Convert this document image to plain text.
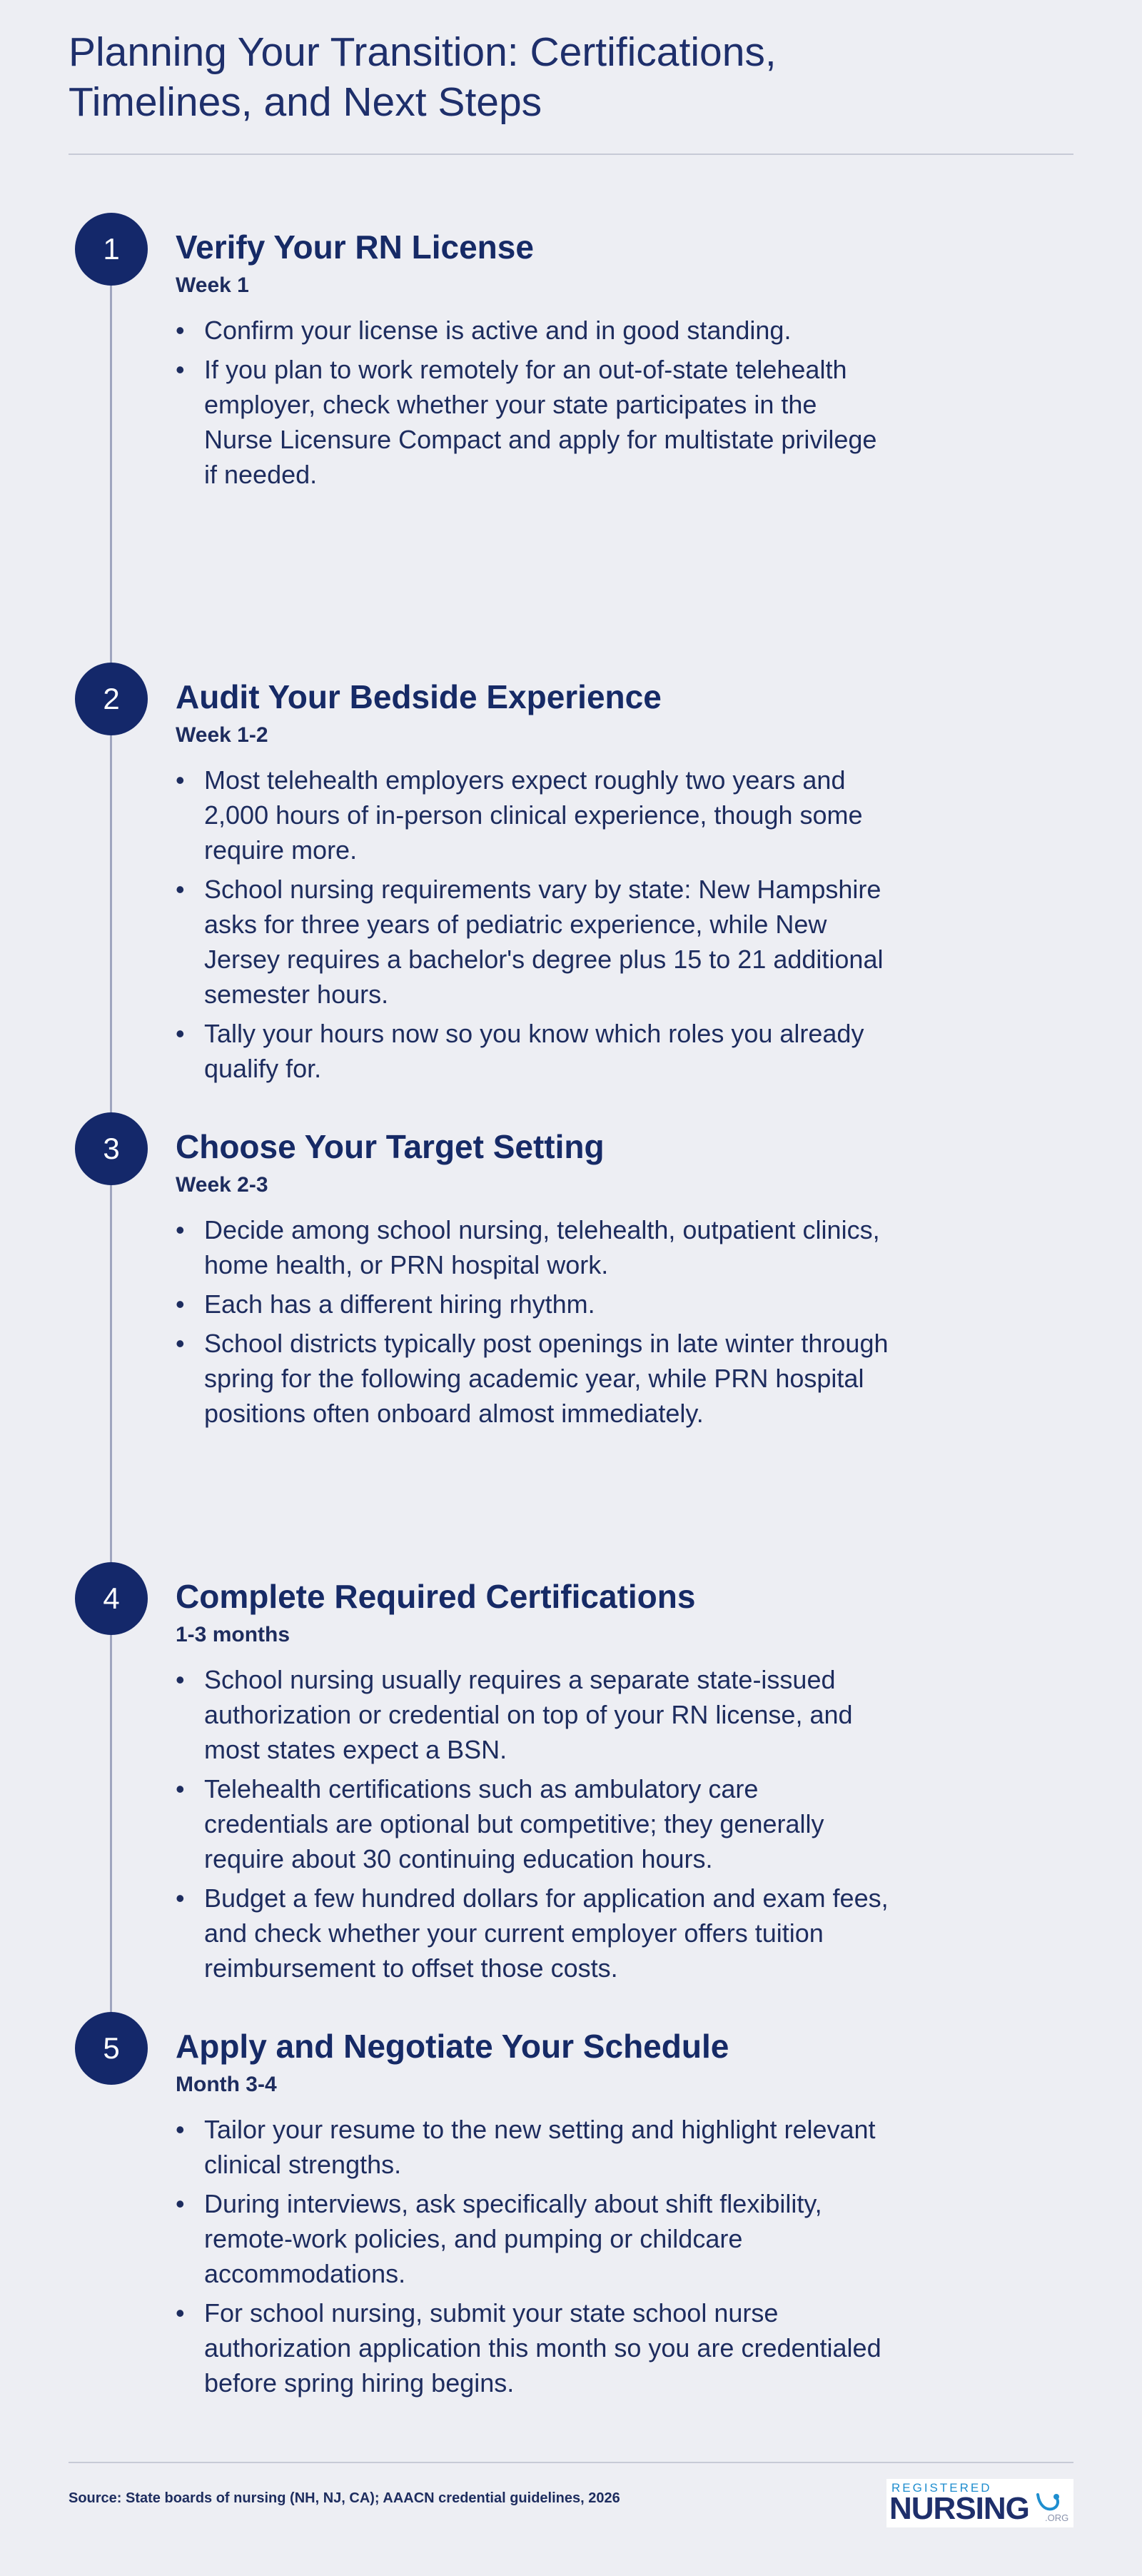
Planning Your Transition: Certifications,
Timelines, and Next Steps
1	Verify Your RN License
Week 1
• Confirm your license is active and in good standing.
• If you plan to work remotely for an out-of-state telehealth employer, check whether your state participates in the Nurse Licensure Compact and apply for multistate privilege if needed.
2	Audit Your Bedside Experience
Week 1-2
• Most telehealth employers expect roughly two years and 2,000 hours of in-person clinical experience, though some require more.
• School nursing requirements vary by state: New Hampshire asks for three years of pediatric experience, while New Jersey requires a bachelor's degree plus 15 to 21 additional semester hours.
• Tally your hours now so you know which roles you already qualify for.
3	Choose Your Target Setting
Week 2-3
• Decide among school nursing, telehealth, outpatient clinics, home health, or PRN hospital work.
• Each has a different hiring rhythm.
• School districts typically post openings in late winter through spring for the following academic year, while PRN hospital positions often onboard almost immediately.
4	Complete Required Certifications
1-3 months
• School nursing usually requires a separate state-issued authorization or credential on top of your RN license, and most states expect a BSN.
• Telehealth certifications such as ambulatory care credentials are optional but competitive; they generally require about 30 continuing education hours.
• Budget a few hundred dollars for application and exam fees, and check whether your current employer offers tuition reimbursement to offset those costs.
5	Apply and Negotiate Your Schedule
Month 3-4
• Tailor your resume to the new setting and highlight relevant clinical strengths.
• During interviews, ask specifically about shift flexibility, remote-work policies, and pumping or childcare accommodations.
• For school nursing, submit your state school nurse authorization application this month so you are credentialed before spring hiring begins.
Source: State boards of nursing (NH, NJ, CA); AAACN credential guidelines, 2026
REGISTERED
NURSING .ORG
